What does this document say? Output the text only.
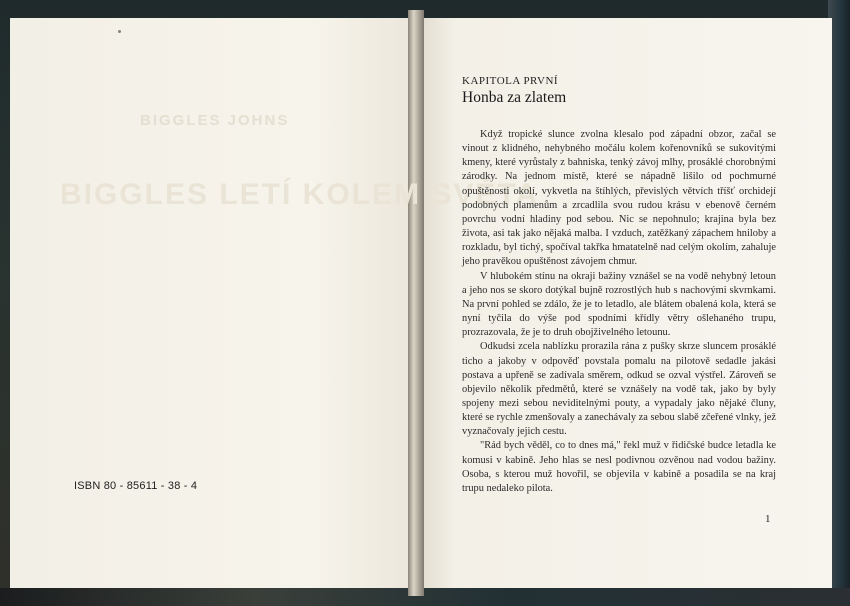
BIGGLES JOHNS
BIGGLES LETÍ KOLEM SVĚTA
ISBN 80 - 85611 - 38 - 4
KAPITOLA PRVNÍ
Honba za zlatem

Když tropické slunce zvolna klesalo pod západní obzor, začal se vinout z klidného, nehybného močálu kolem kořenovníků se sukovitými kmeny, které vyrůstaly z bahniska, tenký závoj mlhy, prosáklé chorobnými zárodky. Na jednom místě, které se nápadně lišilo od pochmurné opuštěnosti okolí, vykvetla na štíhlých, převislých větvích tříšť orchidejí podobných plamenům a zrcadlila svou rudou krásu v ebenově černém povrchu vodní hladiny pod sebou. Nic se nepohnulo; krajina byla bez života, asi tak jako nějaká malba. I vzduch, zatěžkaný zápachem hniloby a rozkladu, byl tichý, spočíval takřka hmatatelně nad celým okolím, zahaluje jeho pravěkou opuštěnost závojem chmur.

V hlubokém stínu na okraji bažiny vznášel se na vodě nehybný letoun a jeho nos se skoro dotýkal bujně rozrostlých hub s nachovými skvrnkami. Na první pohled se zdálo, že je to letadlo, ale blátem obalená kola, která se nyní tyčila do výše pod spodními křídly větry ošlehaného trupu, prozrazovala, že je to druh obojživelného letounu.

Odkudsi zcela nablízku prorazila rána z pušky skrze sluncem prosáklé ticho a jakoby v odpověď povstala pomalu na pilotově sedadle jakási postava a upřeně se zadívala směrem, odkud se ozval výstřel. Zároveň se objevilo několik předmětů, které se vznášely na vodě tak, jako by byly spojeny mezi sebou neviditelnými pouty, a vypadaly jako nějaké čluny, které se rychle zmenšovaly a zanechávaly za sebou slabě zčeřené vlnky, jež vyznačovaly jejich cestu.

"Rád bych věděl, co to dnes má," řekl muž v řidičské budce letadla ke komusi v kabině. Jeho hlas se nesl podivnou ozvěnou nad vodou bažiny. Osoba, s kterou muž hovořil, se objevila v kabině a posadila se na kraj trupu nedaleko pilota.

1
